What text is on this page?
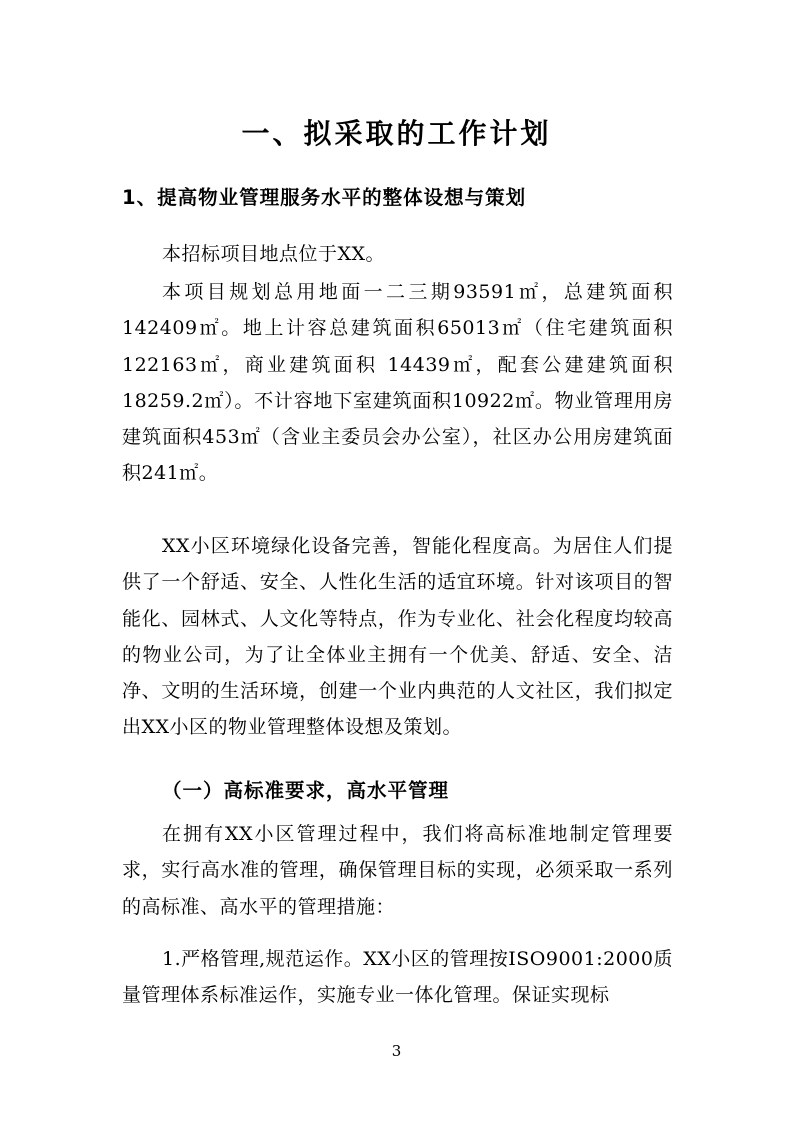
一、拟采取的工作计划
1、提高物业管理服务水平的整体设想与策划

本招标项目地点位于XX。

本项目规划总用地面一二三期93591㎡，总建筑面积142409㎡。地上计容总建筑面积65013㎡（住宅建筑面积122163㎡，商业建筑面积 14439㎡，配套公建建筑面积18259.2㎡）。不计容地下室建筑面积10922㎡。物业管理用房建筑面积453㎡（含业主委员会办公室），社区办公用房建筑面积241㎡。

XX小区环境绿化设备完善，智能化程度高。为居住人们提供了一个舒适、安全、人性化生活的适宜环境。针对该项目的智能化、园林式、人文化等特点，作为专业化、社会化程度均较高的物业公司，为了让全体业主拥有一个优美、舒适、安全、洁净、文明的生活环境，创建一个业内典范的人文社区，我们拟定出XX小区的物业管理整体设想及策划。

（一）高标准要求，高水平管理

在拥有XX小区管理过程中，我们将高标准地制定管理要求，实行高水准的管理，确保管理目标的实现，必须采取一系列的高标准、高水平的管理措施：

1.严格管理,规范运作。XX小区的管理按ISO9001:2000质量管理体系标准运作，实施专业一体化管理。保证实现标

3
